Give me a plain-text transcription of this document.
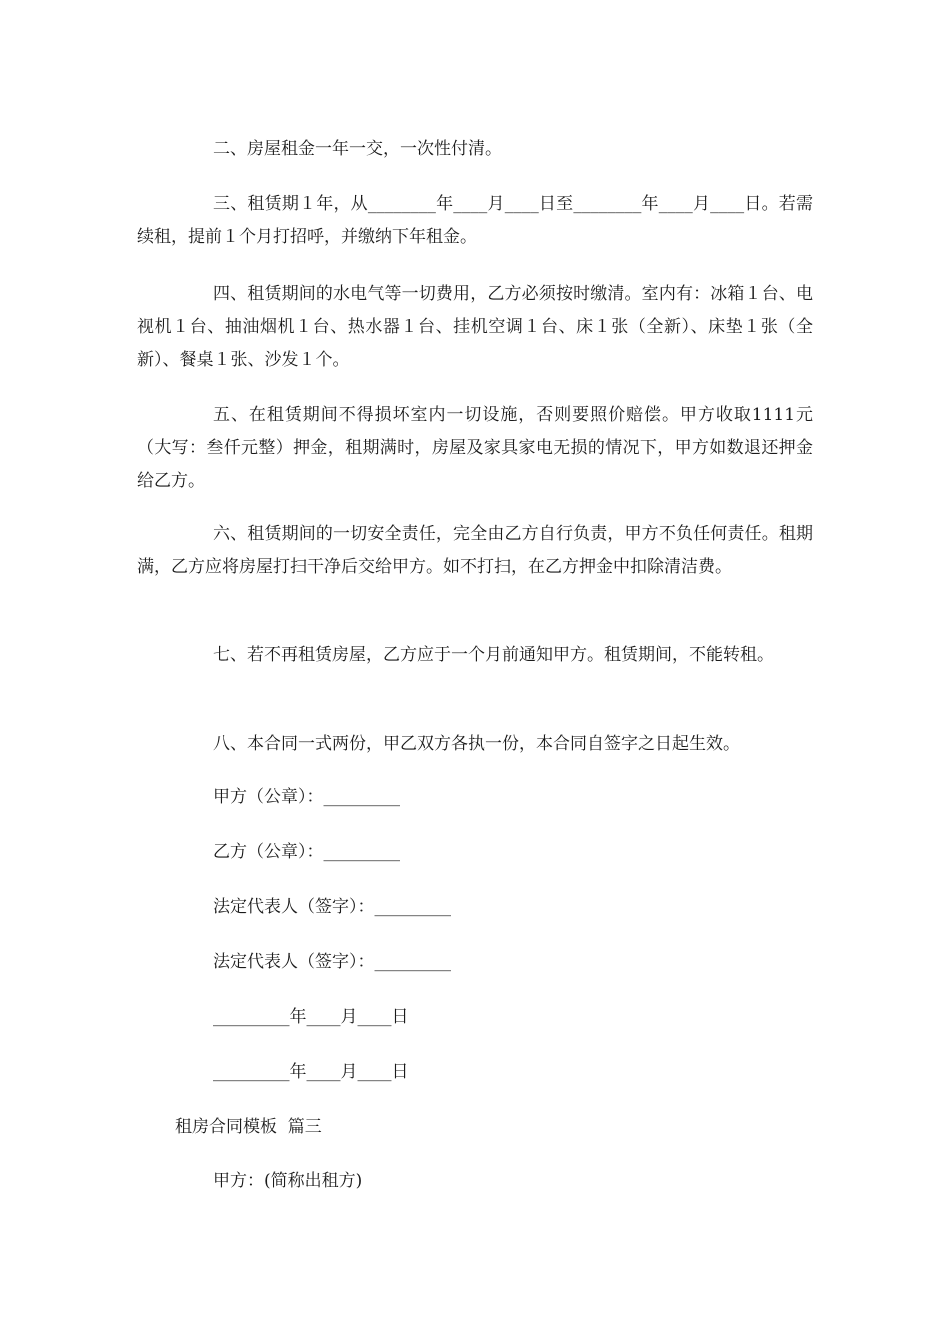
二、房屋租金一年一交，一次性付清。

三、租赁期１年，从________年____月____日至________年____月____日。若需续租，提前１个月打招呼，并缴纳下年租金。

四、租赁期间的水电气等一切费用，乙方必须按时缴清。室内有：冰箱１台、电视机１台、抽油烟机１台、热水器１台、挂机空调１台、床１张（全新）、床垫１张（全新）、餐桌１张、沙发１个。

五、在租赁期间不得损坏室内一切设施，否则要照价赔偿。甲方收取1111元（大写：叁仟元整）押金，租期满时，房屋及家具家电无损的情况下，甲方如数退还押金给乙方。

六、租赁期间的一切安全责任，完全由乙方自行负责，甲方不负任何责任。租期满，乙方应将房屋打扫干净后交给甲方。如不打扫，在乙方押金中扣除清洁费。

七、若不再租赁房屋，乙方应于一个月前通知甲方。租赁期间，不能转租。

八、本合同一式两份，甲乙双方各执一份，本合同自签字之日起生效。

甲方（公章）：_________
乙方（公章）：_________
法定代表人（签字）：_________
法定代表人（签字）：_________
_________年____月____日
_________年____月____日
租房合同模板  篇三
甲方：(简称出租方)
